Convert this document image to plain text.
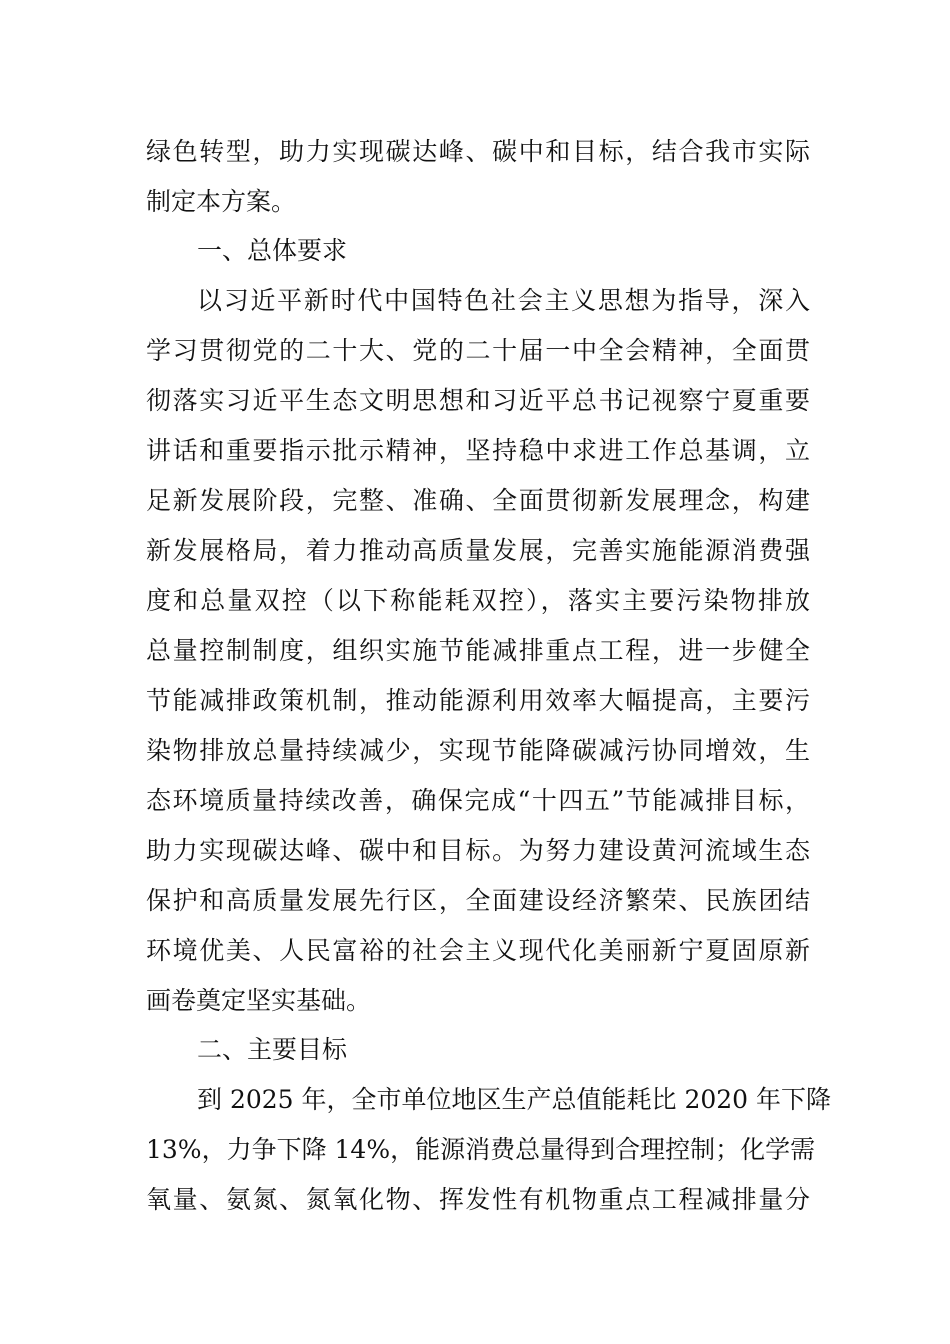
绿色转型，助力实现碳达峰、碳中和目标，结合我市实际
制定本方案。
一、总体要求
以习近平新时代中国特色社会主义思想为指导，深入
学习贯彻党的二十大、党的二十届一中全会精神，全面贯
彻落实习近平生态文明思想和习近平总书记视察宁夏重要
讲话和重要指示批示精神，坚持稳中求进工作总基调，立
足新发展阶段，完整、准确、全面贯彻新发展理念，构建
新发展格局，着力推动高质量发展，完善实施能源消费强
度和总量双控（以下称能耗双控），落实主要污染物排放
总量控制制度，组织实施节能减排重点工程，进一步健全
节能减排政策机制，推动能源利用效率大幅提高，主要污
染物排放总量持续减少，实现节能降碳减污协同增效，生
态环境质量持续改善，确保完成“十四五”节能减排目标，
助力实现碳达峰、碳中和目标。为努力建设黄河流域生态
保护和高质量发展先行区，全面建设经济繁荣、民族团结
环境优美、人民富裕的社会主义现代化美丽新宁夏固原新
画卷奠定坚实基础。
二、主要目标
到 2025 年，全市单位地区生产总值能耗比 2020 年下降
13%，力争下降 14%，能源消费总量得到合理控制；化学需
氧量、氨氮、氮氧化物、挥发性有机物重点工程减排量分
